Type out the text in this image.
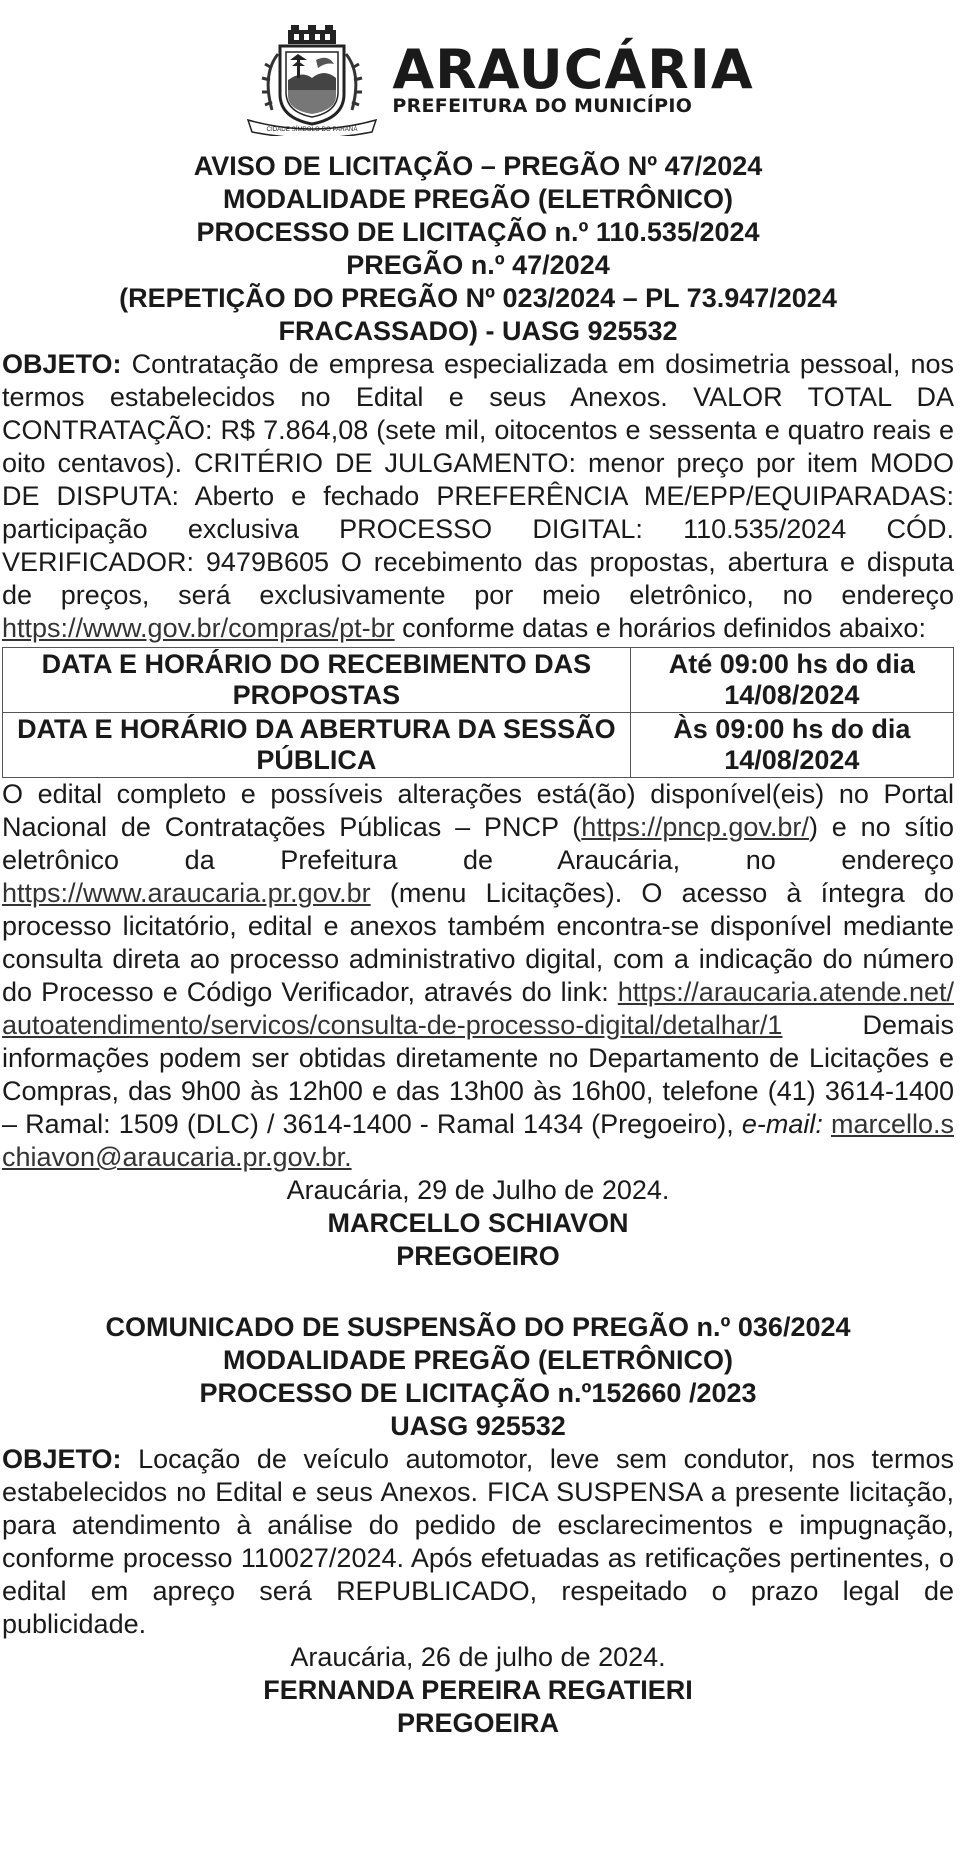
CIDADE SÍMBOLO DO PARANÁ
ARAUCÁRIA
PREFEITURA DO MUNICÍPIO

AVISO DE LICITAÇÃO – PREGÃO Nº 47/2024

MODALIDADE PREGÃO (ELETRÔNICO)

PROCESSO DE LICITAÇÃO n.º 110.535/2024

PREGÃO n.º 47/2024

(REPETIÇÃO DO PREGÃO Nº 023/2024 – PL 73.947/2024

FRACASSADO) - UASG 925532

OBJETO: Contratação de empresa especializada em dosimetria pessoal, nos termos estabelecidos no Edital e seus Anexos. VALOR TOTAL DA CONTRATAÇÃO: R$ 7.864,08 (sete mil, oitocentos e sessenta e quatro reais e oito centavos). CRITÉRIO DE JULGAMENTO: menor preço por item MODO DE DISPUTA: Aberto e fechado PREFERÊNCIA ME/EPP/EQUIPARADAS: participação exclusiva PROCESSO DIGITAL: 110.535/2024 CÓD. VERIFICADOR: 9479B605 O recebimento das propostas, abertura e disputa de preços, será exclusivamente por meio eletrônico, no endereço https://www.gov.br/compras/pt-br conforme datas e horários definidos abaixo:

DATA E HORÁRIO DO RECEBIMENTO DAS PROPOSTAS	Até 09:00 hs do dia 14/08/2024
DATA E HORÁRIO DA ABERTURA DA SESSÃO PÚBLICA	Às 09:00 hs do dia 14/08/2024

O edital completo e possíveis alterações está(ão) disponível(eis) no Portal Nacional de Contratações Públicas – PNCP (https://pncp.gov.br/) e no sítio eletrônico da Prefeitura de Araucária, no endereço https://www.araucaria.pr.gov.br (menu Licitações). O acesso à íntegra do processo licitatório, edital e anexos também encontra-se disponível mediante consulta direta ao processo administrativo digital, com a indicação do número do Processo e Código Verificador, através do link: https://araucaria.atende.net/autoatendimento/servicos/consulta-de-processo-digital/detalhar/1 Demais informações podem ser obtidas diretamente no Departamento de Licitações e Compras, das 9h00 às 12h00 e das 13h00 às 16h00, telefone (41) 3614-1400 – Ramal: 1509 (DLC) / 3614-1400 - Ramal 1434 (Pregoeiro), e-mail: marcello.schiavon@araucaria.pr.gov.br.

Araucária, 29 de Julho de 2024.

MARCELLO SCHIAVON

PREGOEIRO

COMUNICADO DE SUSPENSÃO DO PREGÃO n.º 036/2024

MODALIDADE PREGÃO (ELETRÔNICO)

PROCESSO DE LICITAÇÃO n.º152660 /2023

UASG 925532

OBJETO: Locação de veículo automotor, leve sem condutor, nos termos estabelecidos no Edital e seus Anexos. FICA SUSPENSA a presente licitação, para atendimento à análise do pedido de esclarecimentos e impugnação, conforme processo 110027/2024. Após efetuadas as retificações pertinentes, o edital em apreço será REPUBLICADO, respeitado o prazo legal de publicidade.

Araucária, 26 de julho de 2024.

FERNANDA PEREIRA REGATIERI

PREGOEIRA
